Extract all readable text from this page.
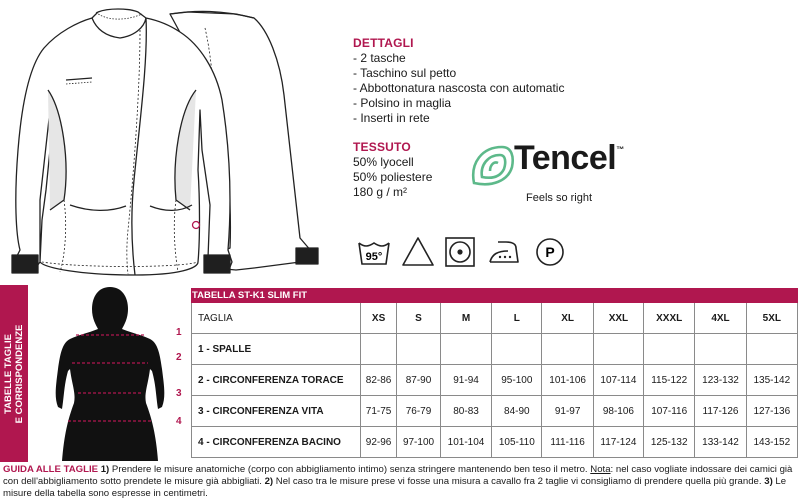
DETTAGLI
- 2 tasche
- Taschino sul petto
- Abbottonatura nascosta con automatic
- Polsino in maglia
- Inserti in rete
TESSUTO
50% lyocell
50% poliestere
180 g / m²
Tencel™
Feels so right
95°	P
TABELLE TAGLIE E CORRISPONDENZE	1
2
3
4
TABELLA ST-K1 SLIM FIT									
TAGLIA	XS	S	M	L	XL	XXL	XXXL	4XL	5XL
1 - SPALLE									
2 - CIRCONFERENZA TORACE	82-86	87-90	91-94	95-100	101-106	107-114	115-122	123-132	135-142
3 - CIRCONFERENZA VITA	71-75	76-79	80-83	84-90	91-97	98-106	107-116	117-126	127-136
4 - CIRCONFERENZA BACINO	92-96	97-100	101-104	105-110	111-116	117-124	125-132	133-142	143-152
GUIDA ALLE TAGLIE 1) Prendere le misure anatomiche (corpo con abbigliamento intimo) senza stringere mantenendo ben teso il metro. Nota: nel caso vogliate indossare dei camici già con dell'abbigliamento sotto prendete le misure già abbigliati. 2) Nel caso tra le misure prese vi fosse una misura a cavallo fra 2 taglie vi consigliamo di prendere quella più grande. 3) Le misure della tabella sono espresse in centimetri.
